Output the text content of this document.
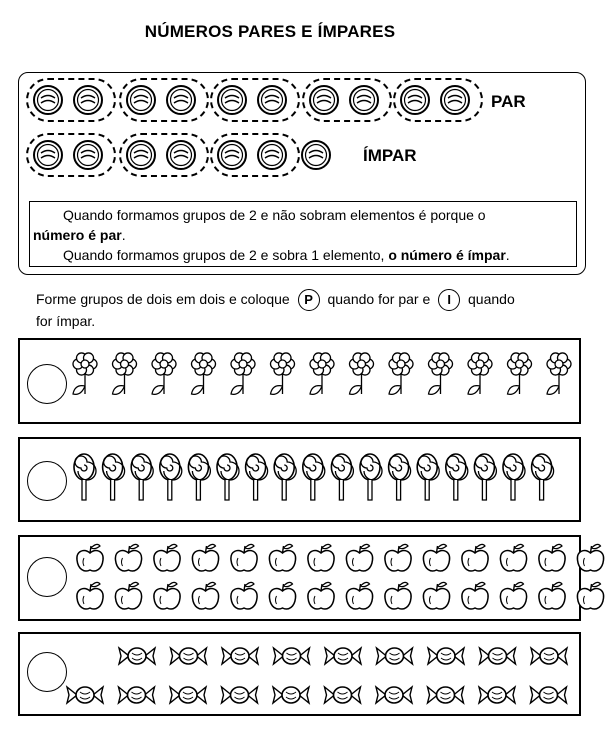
NÚMEROS PARES E ÍMPARES
PAR
ÍMPAR
Quando formamos grupos de 2 e não sobram elementos é porque o
número é par.
Quando formamos grupos de 2 e sobra 1 elemento, o número é ímpar.
Forme grupos de dois em dois e coloque P quando for par e I quando
for ímpar.
